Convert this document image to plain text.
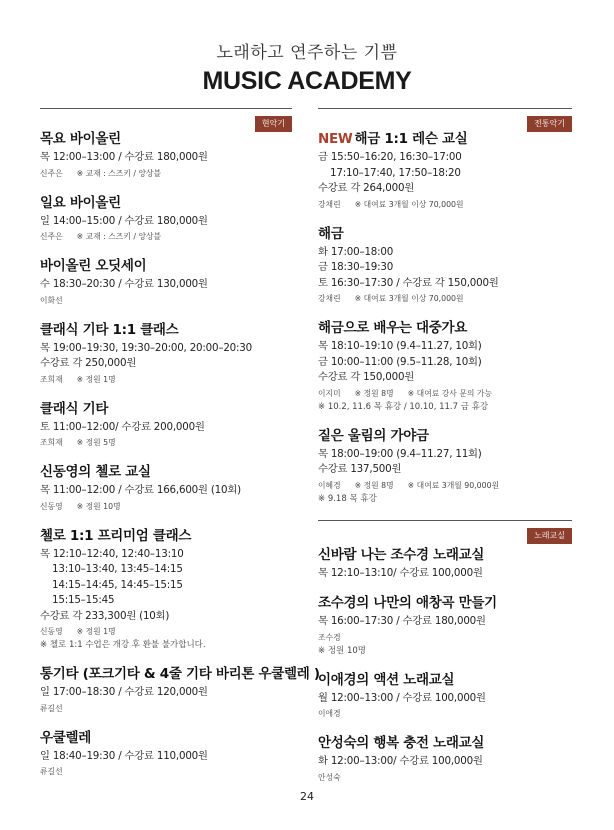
노래하고 연주하는 기쁨
MUSIC ACADEMY
현악기
목요 바이올린
목 12:00–13:00 / 수강료 180,000원
신주은 ※ 교재 : 스즈키 / 앙상블
일요 바이올린
일 14:00–15:00 / 수강료 180,000원
신주은 ※ 교재 : 스즈키 / 앙상블
바이올린 오딧세이
수 18:30–20:30 / 수강료 130,000원
이화선
클래식 기타 1:1 클래스
목 19:00–19:30, 19:30–20:00, 20:00–20:30
수강료 각 250,000원
조희재 ※ 정원 1명
클래식 기타
토 11:00–12:00/ 수강료 200,000원
조희재 ※ 정원 5명
신동영의 첼로 교실
목 11:00–12:00 / 수강료 166,600원 (10회)
신동영 ※ 정원 10명
첼로 1:1 프리미엄 클래스
목 12:10–12:40, 12:40–13:10
13:10–13:40, 13:45–14:15
14:15–14:45, 14:45–15:15
15:15–15:45
수강료 각 233,300원 (10회)
신동영 ※ 정원 1명
※ 첼로 1:1 수업은 개강 후 환불 불가합니다.
통기타 (포크기타 & 4줄 기타 바리톤 우쿨렐레 )
일 17:00–18:30 / 수강료 120,000원
류길선
우쿨렐레
일 18:40–19:30 / 수강료 110,000원
류길선
전통악기
NEW 해금 1:1 레슨 교실
금 15:50–16:20, 16:30–17:00
17:10–17:40, 17:50–18:20
수강료 각 264,000원
강채린 ※ 대여료 3개월 이상 70,000원
해금
화 17:00–18:00
금 18:30–19:30
토 16:30–17:30 / 수강료 각 150,000원
강채린 ※ 대여료 3개월 이상 70,000원
해금으로 배우는 대중가요
목 18:10–19:10 (9.4–11.27, 10회)
금 10:00–11:00 (9.5–11.28, 10회)
수강료 각 150,000원
이지미 ※ 정원 8명 ※ 대여료 강사 문의 가능
※ 10.2, 11.6 목 휴강 / 10.10, 11.7 금 휴강
짙은 울림의 가야금
목 18:00–19:00 (9.4–11.27, 11회)
수강료 137,500원
이혜경 ※ 정원 8명 ※ 대여료 3개월 90,000원
※ 9.18 목 휴강
노래교실
신바람 나는 조수경 노래교실
목 12:10–13:10/ 수강료 100,000원
조수경의 나만의 애창곡 만들기
목 16:00–17:30 / 수강료 180,000원
조수경
※ 정원 10명
이애경의 액션 노래교실
월 12:00–13:00 / 수강료 100,000원
이애경
안성숙의 행복 충전 노래교실
화 12:00–13:00/ 수강료 100,000원
안성숙
24
